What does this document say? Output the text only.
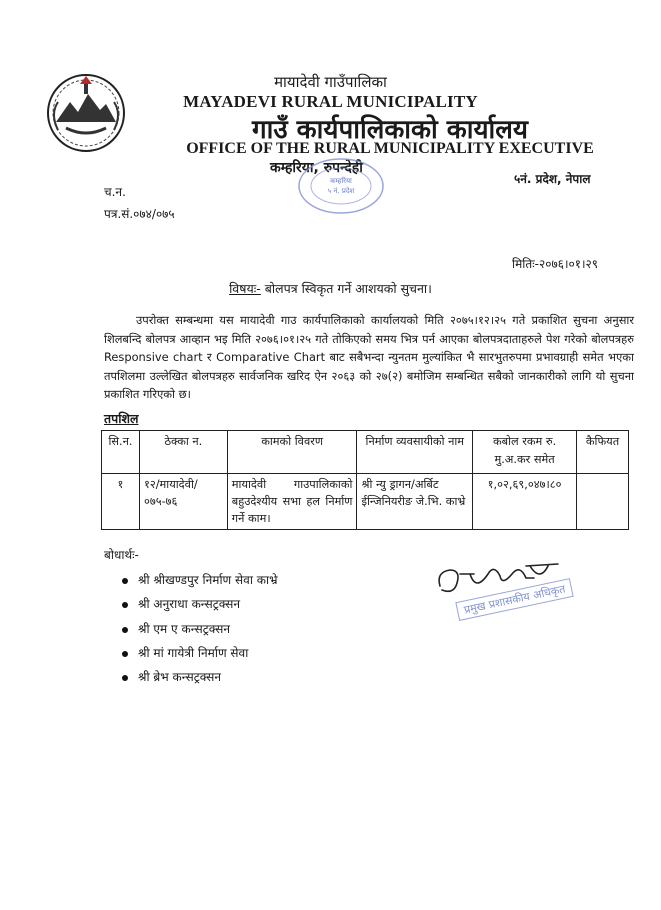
मायादेवी गाउँपालिका
MAYADEVI RURAL MUNICIPALITY
गाउँ कार्यपालिकाको कार्यालय
OFFICE OF THE RURAL MUNICIPALITY EXECUTIVE
कम्हरिया, रुपन्देही
५नं. प्रदेश, नेपाल
कम्हरिया
५ नं. प्रदेश
च.न.
पत्र.सं.०७४/०७५
मितिः-२०७६।०१।२९
विषयः- बोलपत्र स्विकृत गर्ने आशयको सुचना।
उपरोक्त सम्बन्धमा यस मायादेवी गाउ कार्यपालिकाको कार्यालयको मिति २०७५।१२।२५ गते प्रकाशित सुचना अनुसार शिलबन्दि बोलपत्र आव्हान भइ मिति २०७६।०१।२५ गते तोकिएको समय भित्र पर्न आएका बोलपत्रदाताहरुले पेश गरेको बोलपत्रहरु Responsive chart र Comparative Chart बाट सबैभन्दा न्युनतम मुल्यांकित भै सारभुतरुपमा प्रभावग्राही समेत भएका तपशिलमा उल्लेखित बोलपत्रहरु सार्वजनिक खरिद ऐन २०६३ को २७(२) बमोजिम सम्बन्धित सबैको जानकारीको लागि यो सुचना प्रकाशित गरिएको छ।
तपशिल
सि.न.	ठेक्का न.	कामको विवरण	निर्माण व्यवसायीको नाम	कबोल रकम रु. मु.अ.कर समेत	कैफियत
१	१२/मायादेवी/०७५-७६	मायादेवी गाउपालिकाको बहुउदेश्यीय सभा हल निर्माण गर्ने काम।	श्री न्यु ड्रागन/अर्बिट ईन्जिनियरीङ जे.भि. काभ्रे	१,०२,६९,०४७।८०	
बोधार्थः-
श्री श्रीखण्डपुर निर्माण सेवा काभ्रे
श्री अनुराधा कन्सट्रक्सन
श्री एम ए कन्सट्रक्सन
श्री मां गायेत्री निर्माण सेवा
श्री ब्रेभ कन्सट्रक्सन
प्रमुख प्रशासकीय अधिकृत
